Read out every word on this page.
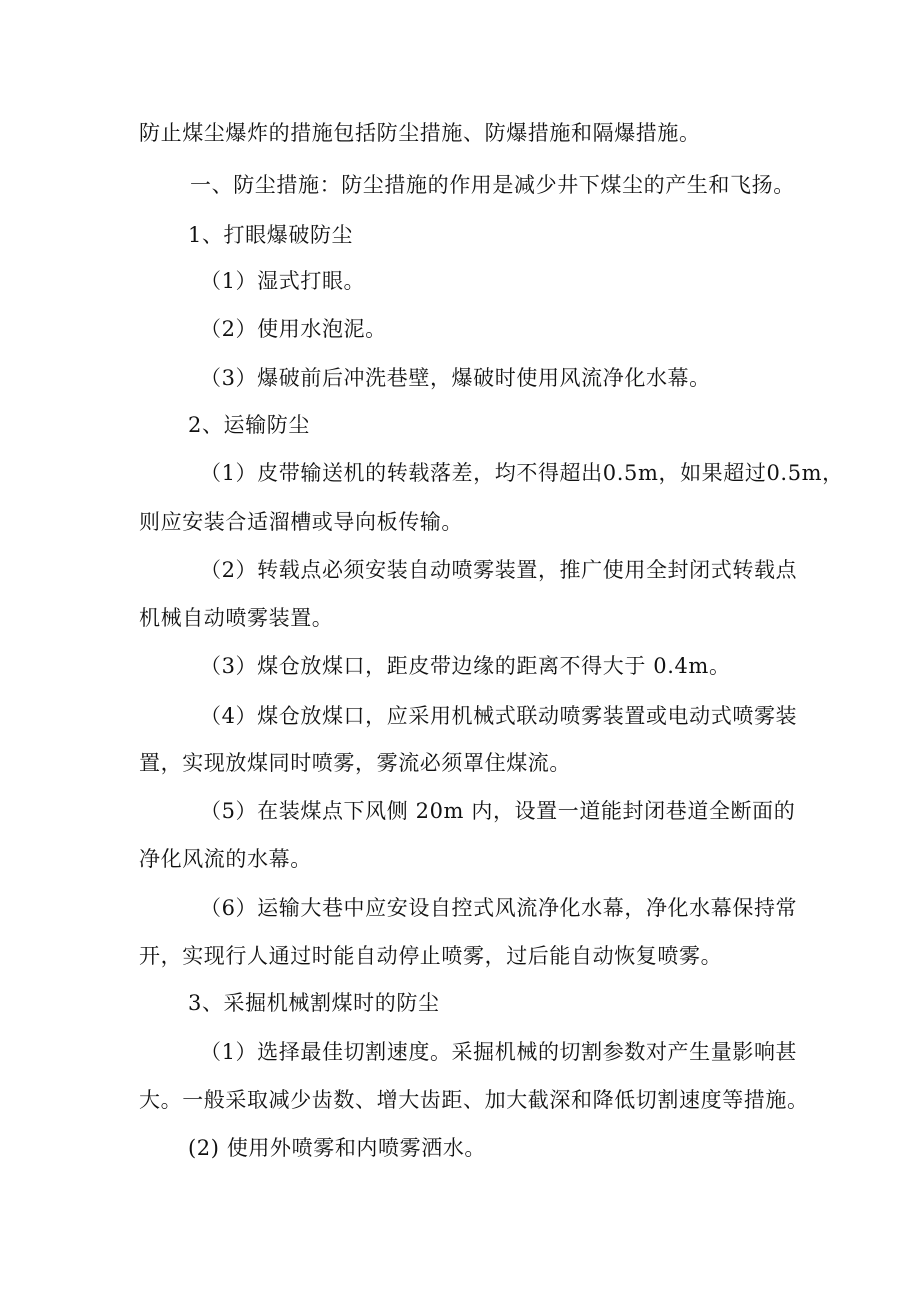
防止煤尘爆炸的措施包括防尘措施、防爆措施和隔爆措施。
一、防尘措施：防尘措施的作用是减少井下煤尘的产生和飞扬。
1、打眼爆破防尘
（1）湿式打眼。
（2）使用水泡泥。
（3）爆破前后冲洗巷壁，爆破时使用风流净化水幕。
2、运输防尘
（1）皮带输送机的转载落差，均不得超出0.5m，如果超过0.5m，
则应安装合适溜槽或导向板传输。
（2）转载点必须安装自动喷雾装置，推广使用全封闭式转载点
机械自动喷雾装置。
（3）煤仓放煤口，距皮带边缘的距离不得大于 0.4m。
（4）煤仓放煤口，应采用机械式联动喷雾装置或电动式喷雾装
置，实现放煤同时喷雾，雾流必须罩住煤流。
（5）在装煤点下风侧 20m 内，设置一道能封闭巷道全断面的
净化风流的水幕。
（6）运输大巷中应安设自控式风流净化水幕，净化水幕保持常
开，实现行人通过时能自动停止喷雾，过后能自动恢复喷雾。
3、采掘机械割煤时的防尘
（1）选择最佳切割速度。采掘机械的切割参数对产生量影响甚
大。一般采取减少齿数、增大齿距、加大截深和降低切割速度等措施。
(2) 使用外喷雾和内喷雾洒水。
